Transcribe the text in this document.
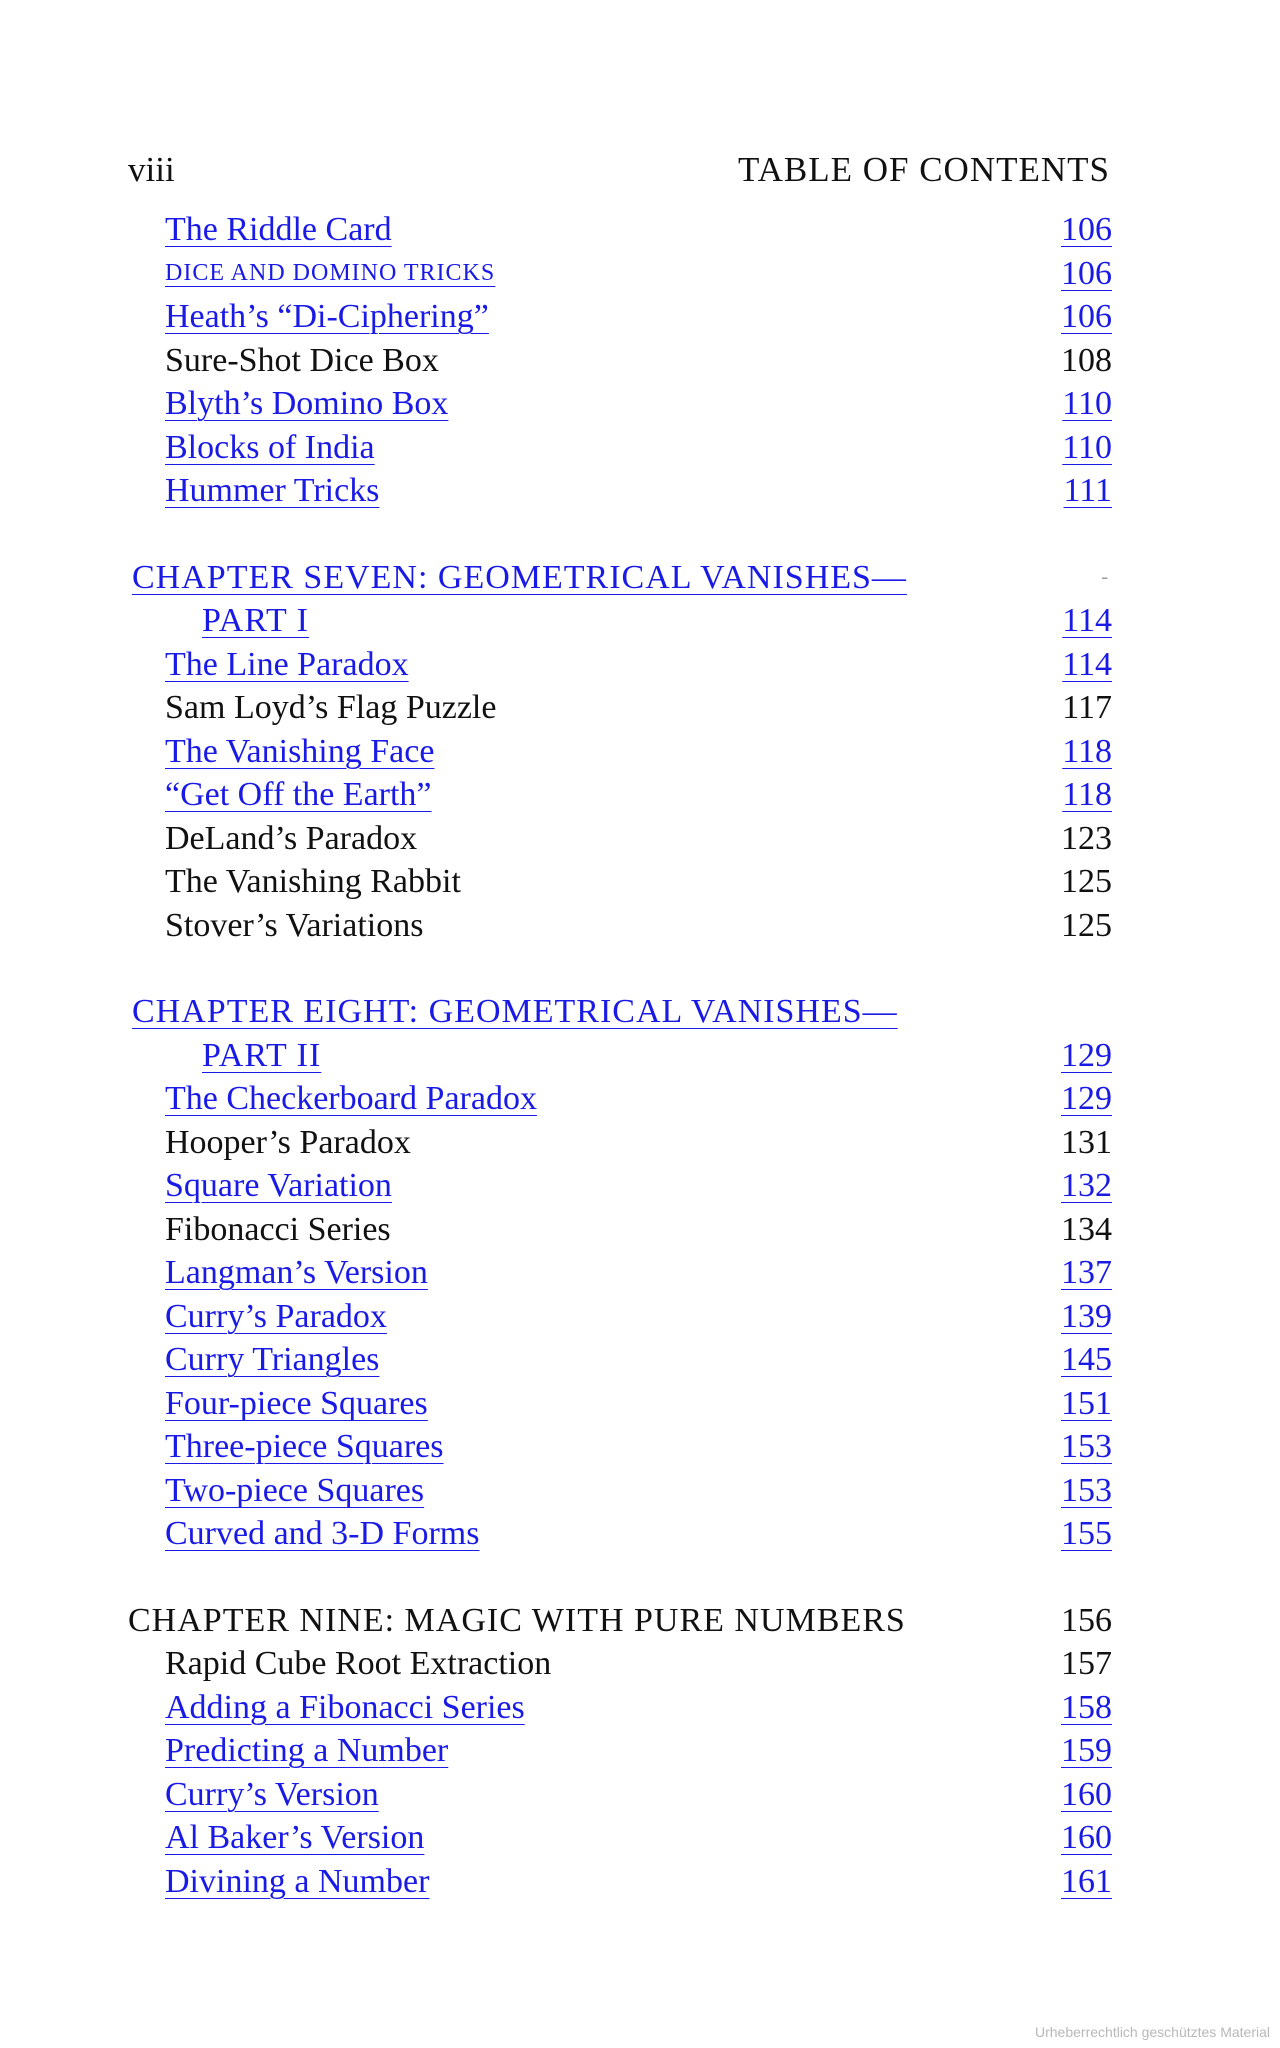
viii	TABLE OF CONTENTS
The Riddle Card	106
DICE AND DOMINO TRICKS	106
Heath’s “Di-Ciphering”	106
Sure-Shot Dice Box	108
Blyth’s Domino Box	110
Blocks of India	110
Hummer Tricks	111
CHAPTER SEVEN: GEOMETRICAL VANISHES—	-
PART I	114
The Line Paradox	114
Sam Loyd’s Flag Puzzle	117
The Vanishing Face	118
“Get Off the Earth”	118
DeLand’s Paradox	123
The Vanishing Rabbit	125
Stover’s Variations	125
CHAPTER EIGHT: GEOMETRICAL VANISHES—
PART II	129
The Checkerboard Paradox	129
Hooper’s Paradox	131
Square Variation	132
Fibonacci Series	134
Langman’s Version	137
Curry’s Paradox	139
Curry Triangles	145
Four-piece Squares	151
Three-piece Squares	153
Two-piece Squares	153
Curved and 3-D Forms	155
CHAPTER NINE: MAGIC WITH PURE NUMBERS	156
Rapid Cube Root Extraction	157
Adding a Fibonacci Series	158
Predicting a Number	159
Curry’s Version	160
Al Baker’s Version	160
Divining a Number	161
Urheberrechtlich geschütztes Material
